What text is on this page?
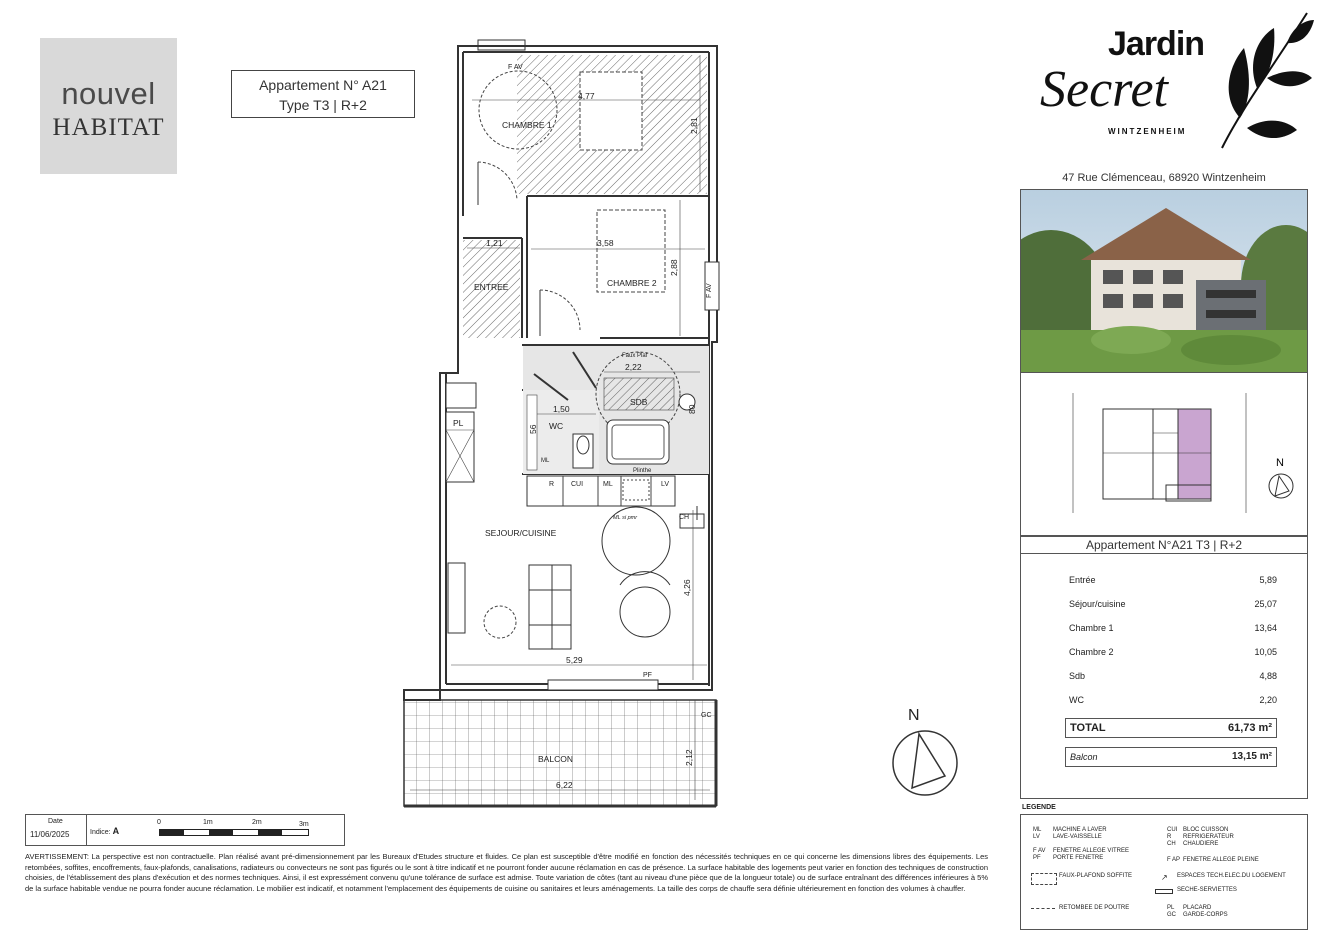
nouvel
HABITAT
Appartement N° A21
Type T3 | R+2
CHAMBRE 1
CHAMBRE 2
ENTREE
SDB
WC
SEJOUR/CUISINE
BALCON
PL
4,77
2,81
3,58
2,88
1,21
2,22
1,50
4,26
5,29
2,12
6,22
56
80
F AV
F AV
Faux Plaf
Plinthe
R CUI	ML	LV
ML
ML si pmr	CH
PF
GC	N
Jardin
Secret
WINTZENHEIM
47 Rue Clémenceau, 68920 Wintzenheim
N
Appartement N°A21 T3 | R+2
Entrée	5,89
Séjour/cuisine	25,07
Chambre 1	13,64
Chambre 2	10,05
Sdb	4,88
WC	2,20
TOTAL	61,73 m²
Balcon	13,15 m²
LEGENDE
ML MACHINE A LAVER
LV LAVE-VAISSELLE
F AV FENETRE ALLEGE VITREE
PF PORTE FENETRE
CUI BLOC CUISSON
R REFRIGERATEUR
CH CHAUDIERE
F AP FENETRE ALLEGE PLEINE
FAUX-PLAFOND SOFFITE	↗ ESPACES TECH.ELEC.DU LOGEMENT
SECHE-SERVIETTES
RETOMBEE DE POUTRE	PL PLACARD
GC GARDE-CORPS
Date
11/06/2025	Indice: A
0	1m	2m	3m
AVERTISSEMENT: La perspective est non contractuelle. Plan réalisé avant pré-dimensionnement par les Bureaux d'Etudes structure et fluides. Ce plan est susceptible d'être modifié en fonction des nécessités techniques en ce qui concerne les dimensions libres des équipements. Les retombées, soffites, encoffrements, faux-plafonds, canalisations, radiateurs ou convecteurs ne sont pas figurés ou le sont à titre indicatif et ne pourront fonder aucune réclamation en cas de présence. La surface habitable des logements peut varier en fonction des techniques de construction choisies, de l'établissement des plans d'exécution et des normes techniques. Ainsi, il est expressément convenu qu'une tolérance de surface est admise. Toute variation de côtes (tant au niveau d'une pièce que de la longueur totale) ou de surface entraînant des différences inférieures à 5% de la surface habitable vendue ne pourra fonder aucune réclamation. Le mobilier est indicatif, et notamment l'emplacement des équipements de cuisine ou sanitaires et leurs aménagements. La taille des corps de chauffe sera définie ultérieurement en fonction des volumes à chauffer.
